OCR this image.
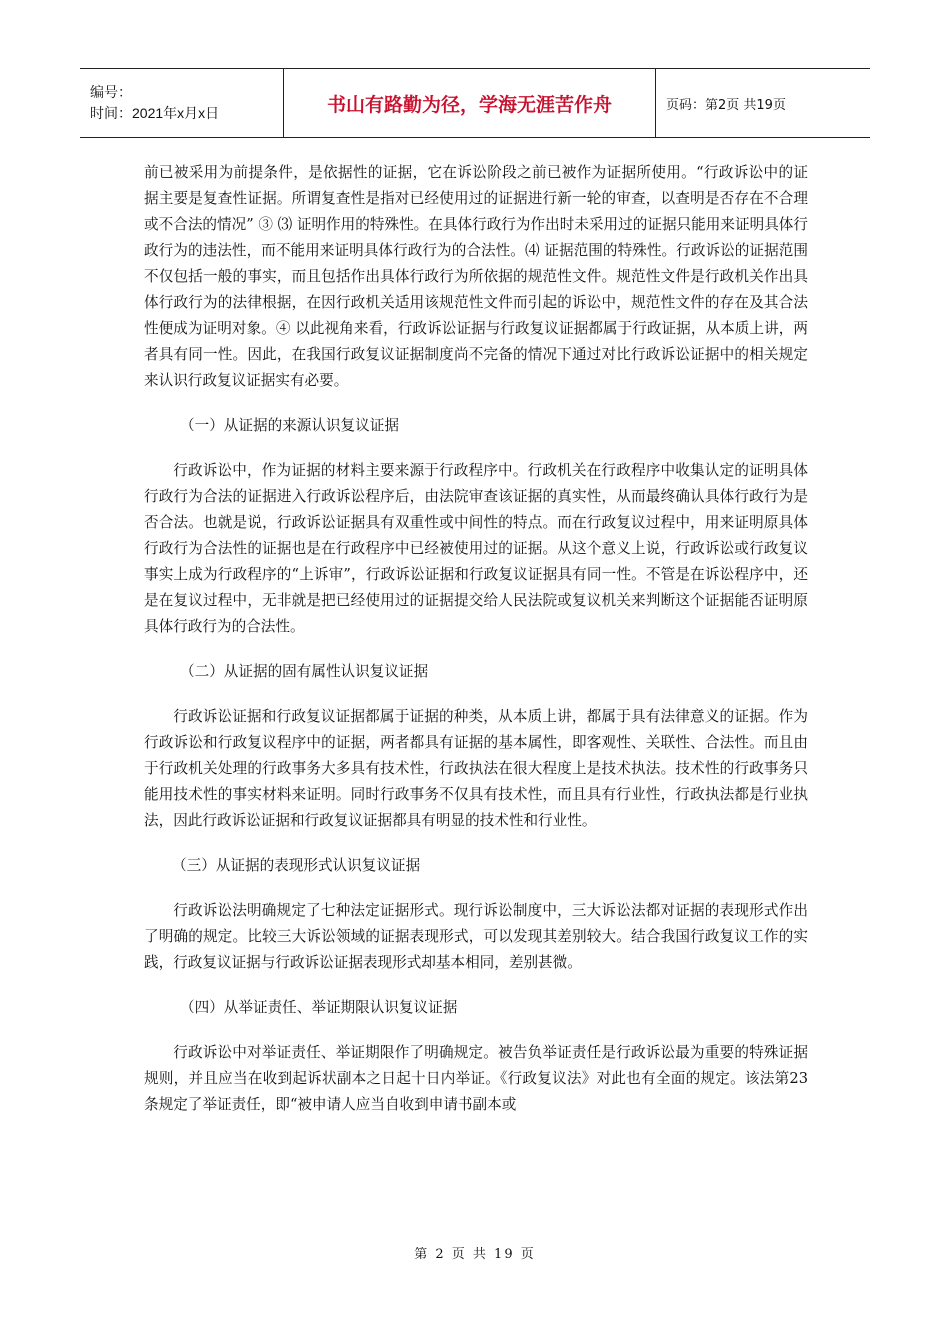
编号：
时间：2021年x月x日	书山有路勤为径，学海无涯苦作舟	页码：第2页 共19页

前已被采用为前提条件，是依据性的证据，它在诉讼阶段之前已被作为证据所使用。“行政诉讼中的证据主要是复查性证据。所谓复查性是指对已经使用过的证据进行新一轮的审查，以查明是否存在不合理或不合法的情况” ③ ⑶ 证明作用的特殊性。在具体行政行为作出时未采用过的证据只能用来证明具体行政行为的违法性，而不能用来证明具体行政行为的合法性。⑷ 证据范围的特殊性。行政诉讼的证据范围不仅包括一般的事实，而且包括作出具体行政行为所依据的规范性文件。规范性文件是行政机关作出具体行政行为的法律根据，在因行政机关适用该规范性文件而引起的诉讼中，规范性文件的存在及其合法性便成为证明对象。④ 以此视角来看，行政诉讼证据与行政复议证据都属于行政证据，从本质上讲，两者具有同一性。因此，在我国行政复议证据制度尚不完备的情况下通过对比行政诉讼证据中的相关规定来认识行政复议证据实有必要。

（一）从证据的来源认识复议证据

行政诉讼中，作为证据的材料主要来源于行政程序中。行政机关在行政程序中收集认定的证明具体行政行为合法的证据进入行政诉讼程序后，由法院审查该证据的真实性，从而最终确认具体行政行为是否合法。也就是说，行政诉讼证据具有双重性或中间性的特点。而在行政复议过程中，用来证明原具体行政行为合法性的证据也是在行政程序中已经被使用过的证据。从这个意义上说，行政诉讼或行政复议事实上成为行政程序的“上诉审”，行政诉讼证据和行政复议证据具有同一性。不管是在诉讼程序中，还是在复议过程中，无非就是把已经使用过的证据提交给人民法院或复议机关来判断这个证据能否证明原具体行政行为的合法性。

（二）从证据的固有属性认识复议证据

行政诉讼证据和行政复议证据都属于证据的种类，从本质上讲，都属于具有法律意义的证据。作为行政诉讼和行政复议程序中的证据，两者都具有证据的基本属性，即客观性、关联性、合法性。而且由于行政机关处理的行政事务大多具有技术性，行政执法在很大程度上是技术执法。技术性的行政事务只能用技术性的事实材料来证明。同时行政事务不仅具有技术性，而且具有行业性，行政执法都是行业执法，因此行政诉讼证据和行政复议证据都具有明显的技术性和行业性。

（三）从证据的表现形式认识复议证据

行政诉讼法明确规定了七种法定证据形式。现行诉讼制度中，三大诉讼法都对证据的表现形式作出了明确的规定。比较三大诉讼领域的证据表现形式，可以发现其差别较大。结合我国行政复议工作的实践，行政复议证据与行政诉讼证据表现形式却基本相同，差别甚微。

（四）从举证责任、举证期限认识复议证据

行政诉讼中对举证责任、举证期限作了明确规定。被告负举证责任是行政诉讼最为重要的特殊证据规则，并且应当在收到起诉状副本之日起十日内举证。《行政复议法》对此也有全面的规定。该法第23条规定了举证责任，即“被申请人应当自收到申请书副本或

第 2 页 共 19 页
